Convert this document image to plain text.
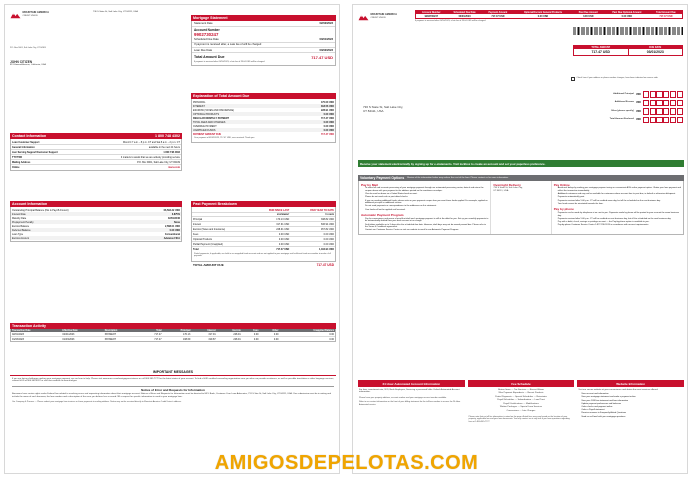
MOUNTAIN AMERICA
CREDIT UNION
736 S State St, Salt Lake City, UT 84111, USA
P.O. Box 9001, Salt Lake City, UT 84109
JOHN CITIZEN
813 Howard Avenue, California, USA
Mortgage Statement
Statement Date	02/02/2023
Account Number
9902730247
Scheduled Due Date	03/01/2023
If payment is received after, a Late fee of will be charged
Loan Due Date	03/02/2023
Total Amount Due	717.47 USD
If payment is received after 03/16/2023, a late fee of 28.64 USD will be charged.
Explanation of Total Amount Due
PRINCIPAL	170.00 USD
INTEREST	318.56 USD
ESCROW (TAXES AND INSURANCE)	228.91 USD
OPTIONAL PRODUCTS	0.00 USD
REGULAR MONTHLY PAYMENT	717.47 USD
TOTAL FEES AND CHARGES	0.00 USD
OVERDUE PAYMENT	0.00 USD
UNAPPLIED FUNDS	0.00 USD
PAYMENT AMOUNT DUE	717.47 USD
Your payment of 03/02/2023, 717.47 USD, was received. Thank you.
Contact Information	1 800 748 4302
Loan Customer Support	Mon-Fri 7 a.m. - 8 p.m. CT and Sat 8 a.m. - 2 p.m. CT
General Information	available in the next 24 hours
Lien Serving Support/Customer Support	1 800 748 4302
TTY/TDD	It matters to assist that we are actively providing service
Mailing Address	P.O. Box 9001, Salt Lake City, UT 84109
Online	macu.com
Account Information
Outstanding Principal Balance (this is Payoff Amount)	66,592.22 USD
Interest Rate	3.875%
Maturity Date	02/01/2046
Prepayment Penalty	None
Escrow Balance	2,588.01 USD
Deferred Balance	0.00 USD
Loan Type	Conventional
Escrow Account	Advance FICA
Past Payment Breakdown
	PAID SINCE LAST	PAID YEAR TO DATE
	STATEMENT	TO DATE
Principal	170.13 USD	338.82 USD
Interest	317.91 USD	636.94 USD
Escrow (Taxes and Insurance)	228.91 USD	457.82 USD
Fees	0.00 USD	0.00 USD
Optional Products	0.00 USD	0.00 USD
Partial Payment (Unapplied)	0.00 USD	0.00 USD
Total	717.47 USD	1,434.94 USD
Partial payments, if applicable, are held in an unapplied funds account and are not applied to your mortgage until sufficient funds accumulate to make a full payment.
TOTAL AMOUNT DUE	717.47 USD
Transaction Activity
Transaction Date	Effective Date	Description	Total	Principal	Interest	Escrow	Fees	Other	Unapplied Balance
02/01/2023	02/01/2023	PAYMENT	717.47	170.13	317.91	228.91	0.00	0.00	0.00
01/03/2023	01/03/2023	PAYMENT	717.47	168.69	319.87	228.91	0.00	0.00	0.00
IMPORTANT MESSAGES
If you are facing challenges making your mortgage payment, we are here to help. Please visit www.macu.com/mortgageassistance or call 800.365.7772 for the latest status of your account. To find a HUD-certified counseling organization near you who can provide assistance, as well as possible translation or other language services, contact HUD at 800.569.4287 or visit their website at www.hud.gov.
Notice of Error and Requests for Information
Borrowers have certain rights under Federal law related to resolving errors and requesting information about their mortgage account. Notices of Error and Requests for Information must be directed to MCL Bank, Customer Care Loan Advocates, 731 S Star St, Salt Lake City, UT 84111, USA. Your submission must be in writing and include the name of each borrower, the loan number and a description of the error you believe has occurred OR a request for specific information to send to your mortgage loan.
Our Company & Process — Please submit your mortgage loan invoices or those payments to mailing address. Notice may not be received directly to Mountain America Credit Union's address.
MOUNTAIN AMERICA
CREDIT UNION
Account Number	Scheduled Due Date	Payment Amount	Optional/Current General Products	Past Due Amount	Past Due Optional Amount	Total Amount Due
9902730247	03/01/2023	717.47 USD	0.00 USD	0.00 USD	0.00 USD	717.47 USD
If payment is received after 03/16/2023, a late fee of 28.64 USD will be charged.
TOTAL AMOUNT
717.47 USD
DUE DATE
03/01/2023
Check here if your address or phone number changes, have been indicated on reverse side.
Additional Principal USD
Additional Escrow USD
Other (please specify) USD
Total Amount Enclosed USD
736 S State St, Salt Lake City,
UT 84111, USA
Receive your statement electronically by signing up for e-statements. Visit lockbox to create an account and set your paperless preference.
Voluntary Payment Options Review of the information below may reduce the cost of the loan. Please contact us for more information.
Pay by Mail
• To make full and accurate processing of your mortgage payment through our automated processing center, detach and return the coupon above with your payment to the address printed on the remittance envelope.
• Checks must be drawn on a United States bank account.
• Please do not send cash or post dated checks.
• If you are sending additional funds, please write on your payment coupon how you want those funds applied. For example, applied as additional principal or additional escrow.
• Do not send payments or correspondence to the addresses on this statement.
• Your funds will not be applied until received.
Automatic Payment Program
• Pay for convenience and peace of mind that draft each mortgage payment is still at the debit for you. Set up your monthly payments to be automatically drafted from your bank account at no charge.
• Draft dates available up to 5 days after the scheduled due date. However, draft days may not be moved passed due. Please refer to the Terms & Conditions agreement.
• Contact our Customer Service Center or visit our website to enroll in our Automatic Payment Program.
Overnight Delivery
736 S State St, Salt Lake City,
UT 84111, USA
Pay Online
• Avoid mail delays by making your mortgage payment using our convenient ACH online payment option. Obtain your loan payment and reflect the transaction immediately.
• Additional customers and may not be available for customers whose account has its past due, in default or otherwise delinquent.
• Payments automatically post.
• Payments received after 5:00 p.m. CT will be credited same day, but all the scheduled on the next business day.
• Your funds cannot be reinstated towards the loan.
Pay by phone
• Payments can be made by telephone at no cost to you. Payments made by phone will be posted to your account the same business day.
• Payments received after 5:00 p.m. CT will be credited on next business day, but all the scheduled on the next business day.
• Pay with a debit, check, savings or privilege account — the Pay-by-phone option is available to you.
• Pay-by-phone Customer Service Center 1-877-236-5126 in accordance with account requirements.
24 Hour Automated Account Information
For loan, investment rate, W-9, Bank Employee, Servicing a password/ offer Online/ Automated Account information.
Please have your property address, account number and your mortgage account number available.
Refer to our contact information on the front of your billing statement for the toll-free number to access the 24-Hour Automated service.
Fee Schedule
Return Items — Tax Services — Recast Waiver
Wire Payment Reproducts — Recast Products
Partial Payments — Special Schedules — Reinstates
Payoff Schedules — Subordination — Land Trust
Payoff Certifications — Modifications
Written Packages — Special Loan Services
Conversions — Late Charges
Please note that not all fee information is noted on the page. Actual fees may vary based on the location of your property, applicable law and your loan documents. You may contact us at any time if you have questions regarding fees at 1-800-345-7777.
Website Information
Visit our secure website at your convenience and obtain the most services offered:
• View account and information
• View your mortgage statement and make a payment online
• View your 1098 tax statement and loan information
• Update payment preferences and balances
• Order checks and payment online
• Order a Payoff statement
• Receive answers to Frequently Asked Questions
• Send us an Email with your mortgage questions
AMIGOSDEPELOTAS.COM
